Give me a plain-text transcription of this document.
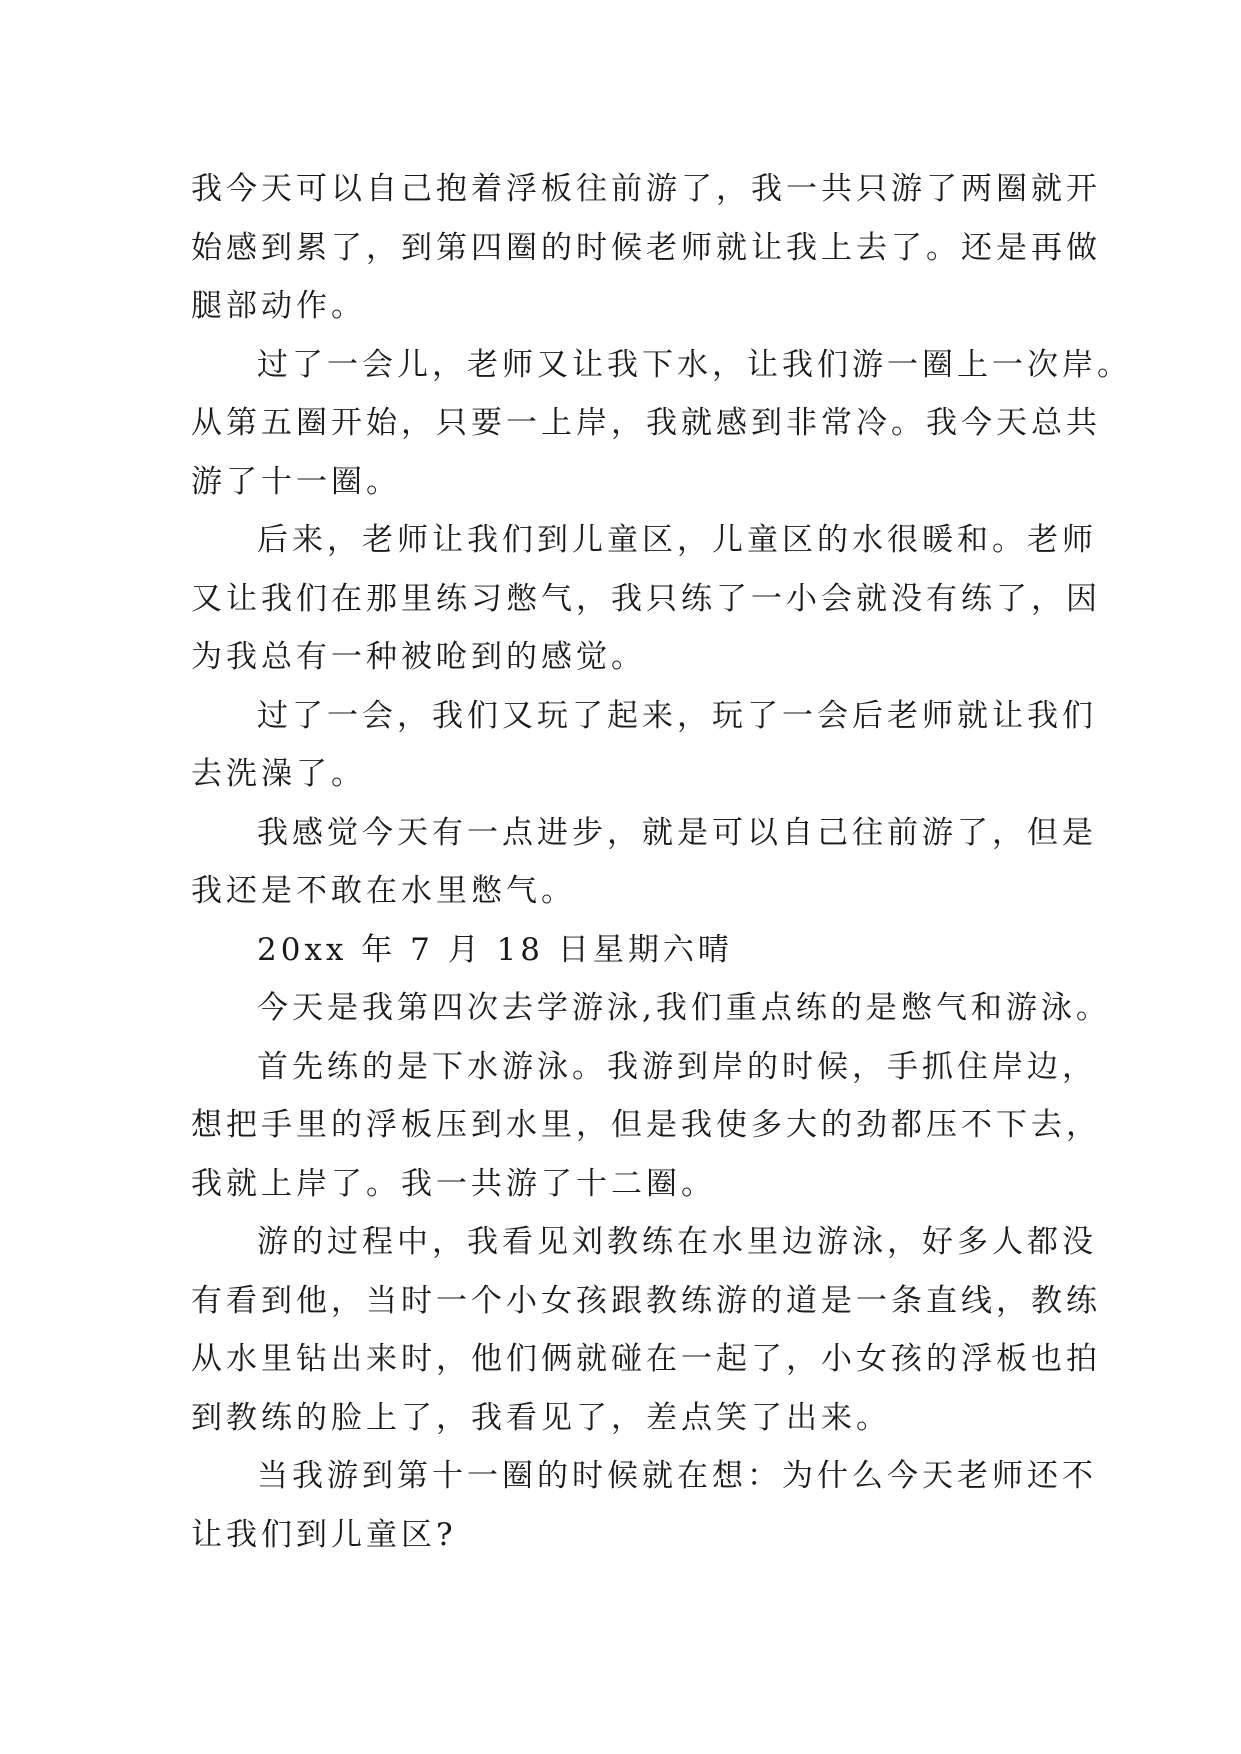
我今天可以自己抱着浮板往前游了，我一共只游了两圈就开
始感到累了，到第四圈的时候老师就让我上去了。还是再做
腿部动作。
过了一会儿，老师又让我下水，让我们游一圈上一次岸。
从第五圈开始，只要一上岸，我就感到非常冷。我今天总共
游了十一圈。
后来，老师让我们到儿童区，儿童区的水很暖和。老师
又让我们在那里练习憋气，我只练了一小会就没有练了，因
为我总有一种被呛到的感觉。
过了一会，我们又玩了起来，玩了一会后老师就让我们
去洗澡了。
我感觉今天有一点进步，就是可以自己往前游了，但是
我还是不敢在水里憋气。
20xx 年 7 月 18 日星期六晴
今天是我第四次去学游泳,我们重点练的是憋气和游泳。
首先练的是下水游泳。我游到岸的时候，手抓住岸边，
想把手里的浮板压到水里，但是我使多大的劲都压不下去，
我就上岸了。我一共游了十二圈。
游的过程中，我看见刘教练在水里边游泳，好多人都没
有看到他，当时一个小女孩跟教练游的道是一条直线，教练
从水里钻出来时，他们俩就碰在一起了，小女孩的浮板也拍
到教练的脸上了，我看见了，差点笑了出来。
当我游到第十一圈的时候就在想：为什么今天老师还不
让我们到儿童区?
